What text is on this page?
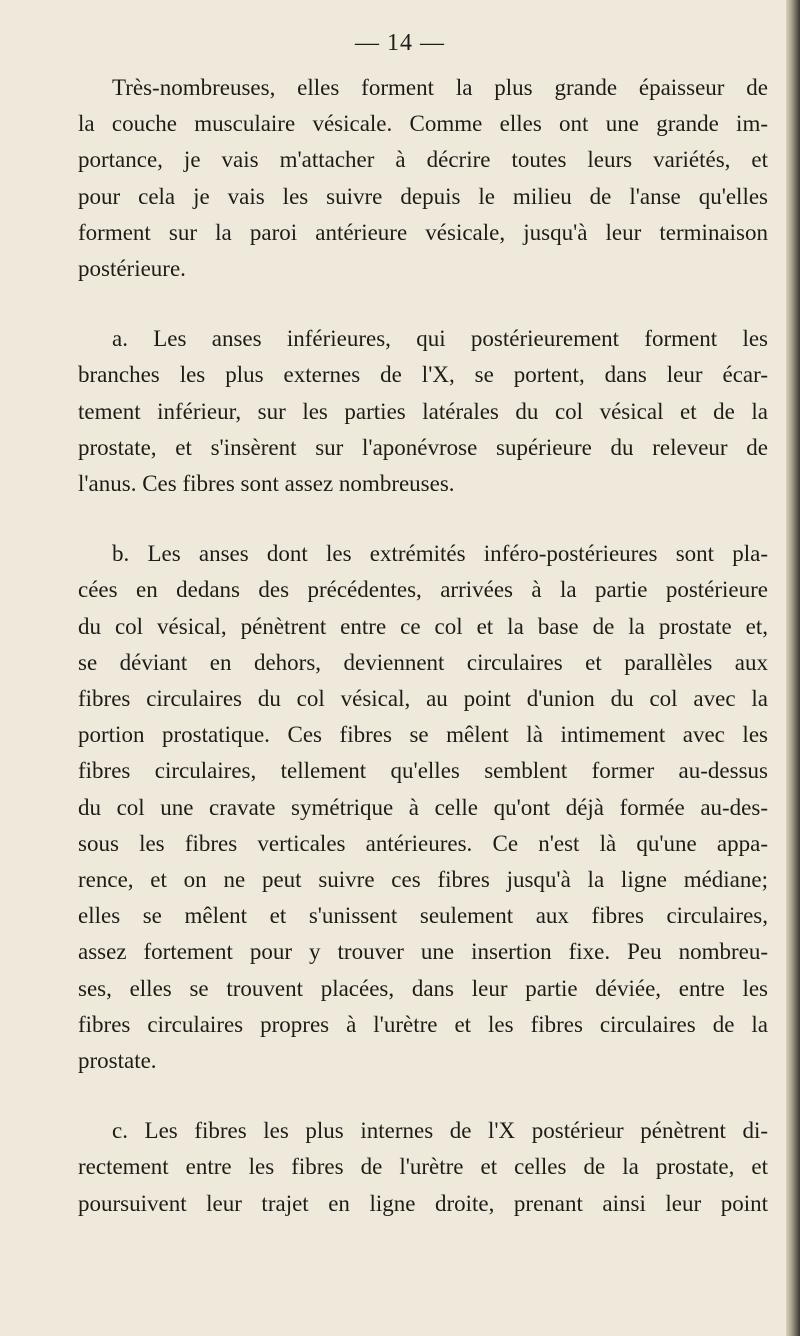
— 14 —

Très-nombreuses, elles forment la plus grande épaisseur de
la couche musculaire vésicale. Comme elles ont une grande im-
portance, je vais m'attacher à décrire toutes leurs variétés, et
pour cela je vais les suivre depuis le milieu de l'anse qu'elles
forment sur la paroi antérieure vésicale, jusqu'à leur terminaison
postérieure.

a. Les anses inférieures, qui postérieurement forment les
branches les plus externes de l'X, se portent, dans leur écar-
tement inférieur, sur les parties latérales du col vésical et de la
prostate, et s'insèrent sur l'aponévrose supérieure du releveur de
l'anus. Ces fibres sont assez nombreuses.

b. Les anses dont les extrémités inféro-postérieures sont pla-
cées en dedans des précédentes, arrivées à la partie postérieure
du col vésical, pénètrent entre ce col et la base de la prostate et,
se déviant en dehors, deviennent circulaires et parallèles aux
fibres circulaires du col vésical, au point d'union du col avec la
portion prostatique. Ces fibres se mêlent là intimement avec les
fibres circulaires, tellement qu'elles semblent former au-dessus
du col une cravate symétrique à celle qu'ont déjà formée au-des-
sous les fibres verticales antérieures. Ce n'est là qu'une appa-
rence, et on ne peut suivre ces fibres jusqu'à la ligne médiane;
elles se mêlent et s'unissent seulement aux fibres circulaires,
assez fortement pour y trouver une insertion fixe. Peu nombreu-
ses, elles se trouvent placées, dans leur partie déviée, entre les
fibres circulaires propres à l'urètre et les fibres circulaires de la
prostate.

c. Les fibres les plus internes de l'X postérieur pénètrent di-
rectement entre les fibres de l'urètre et celles de la prostate, et
poursuivent leur trajet en ligne droite, prenant ainsi leur point
